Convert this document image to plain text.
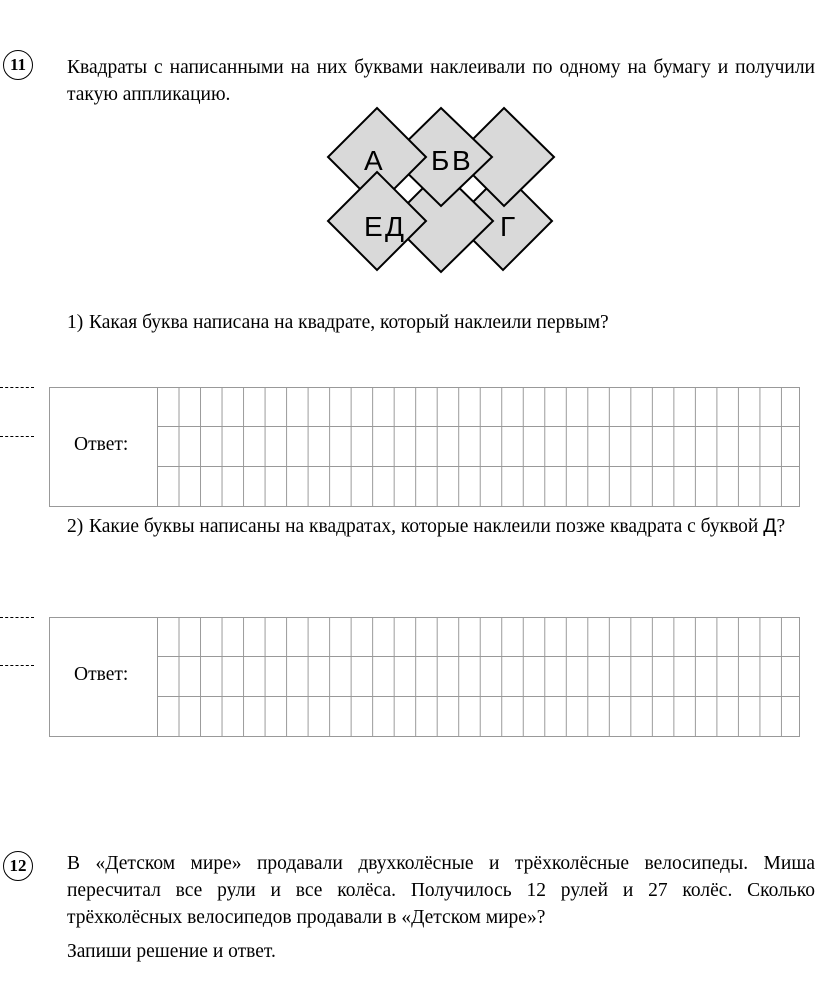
11	Квадраты с написанными на них буквами наклеивали по одному на бумагу и получили такую аппликацию.
А Б В
Е Д	Г
1) Какая буква написана на квадрате, который наклеили первым?
Ответ:
2) Какие буквы написаны на квадратах, которые наклеили позже квадрата с буквой Д?
Ответ:
12	В «Детском мире» продавали двухколёсные и трёхколёсные велосипеды. Миша пересчитал все рули и все колёса. Получилось 12 рулей и 27 колёс. Сколько трёхколёсных велосипедов продавали в «Детском мире»?
Запиши решение и ответ.
